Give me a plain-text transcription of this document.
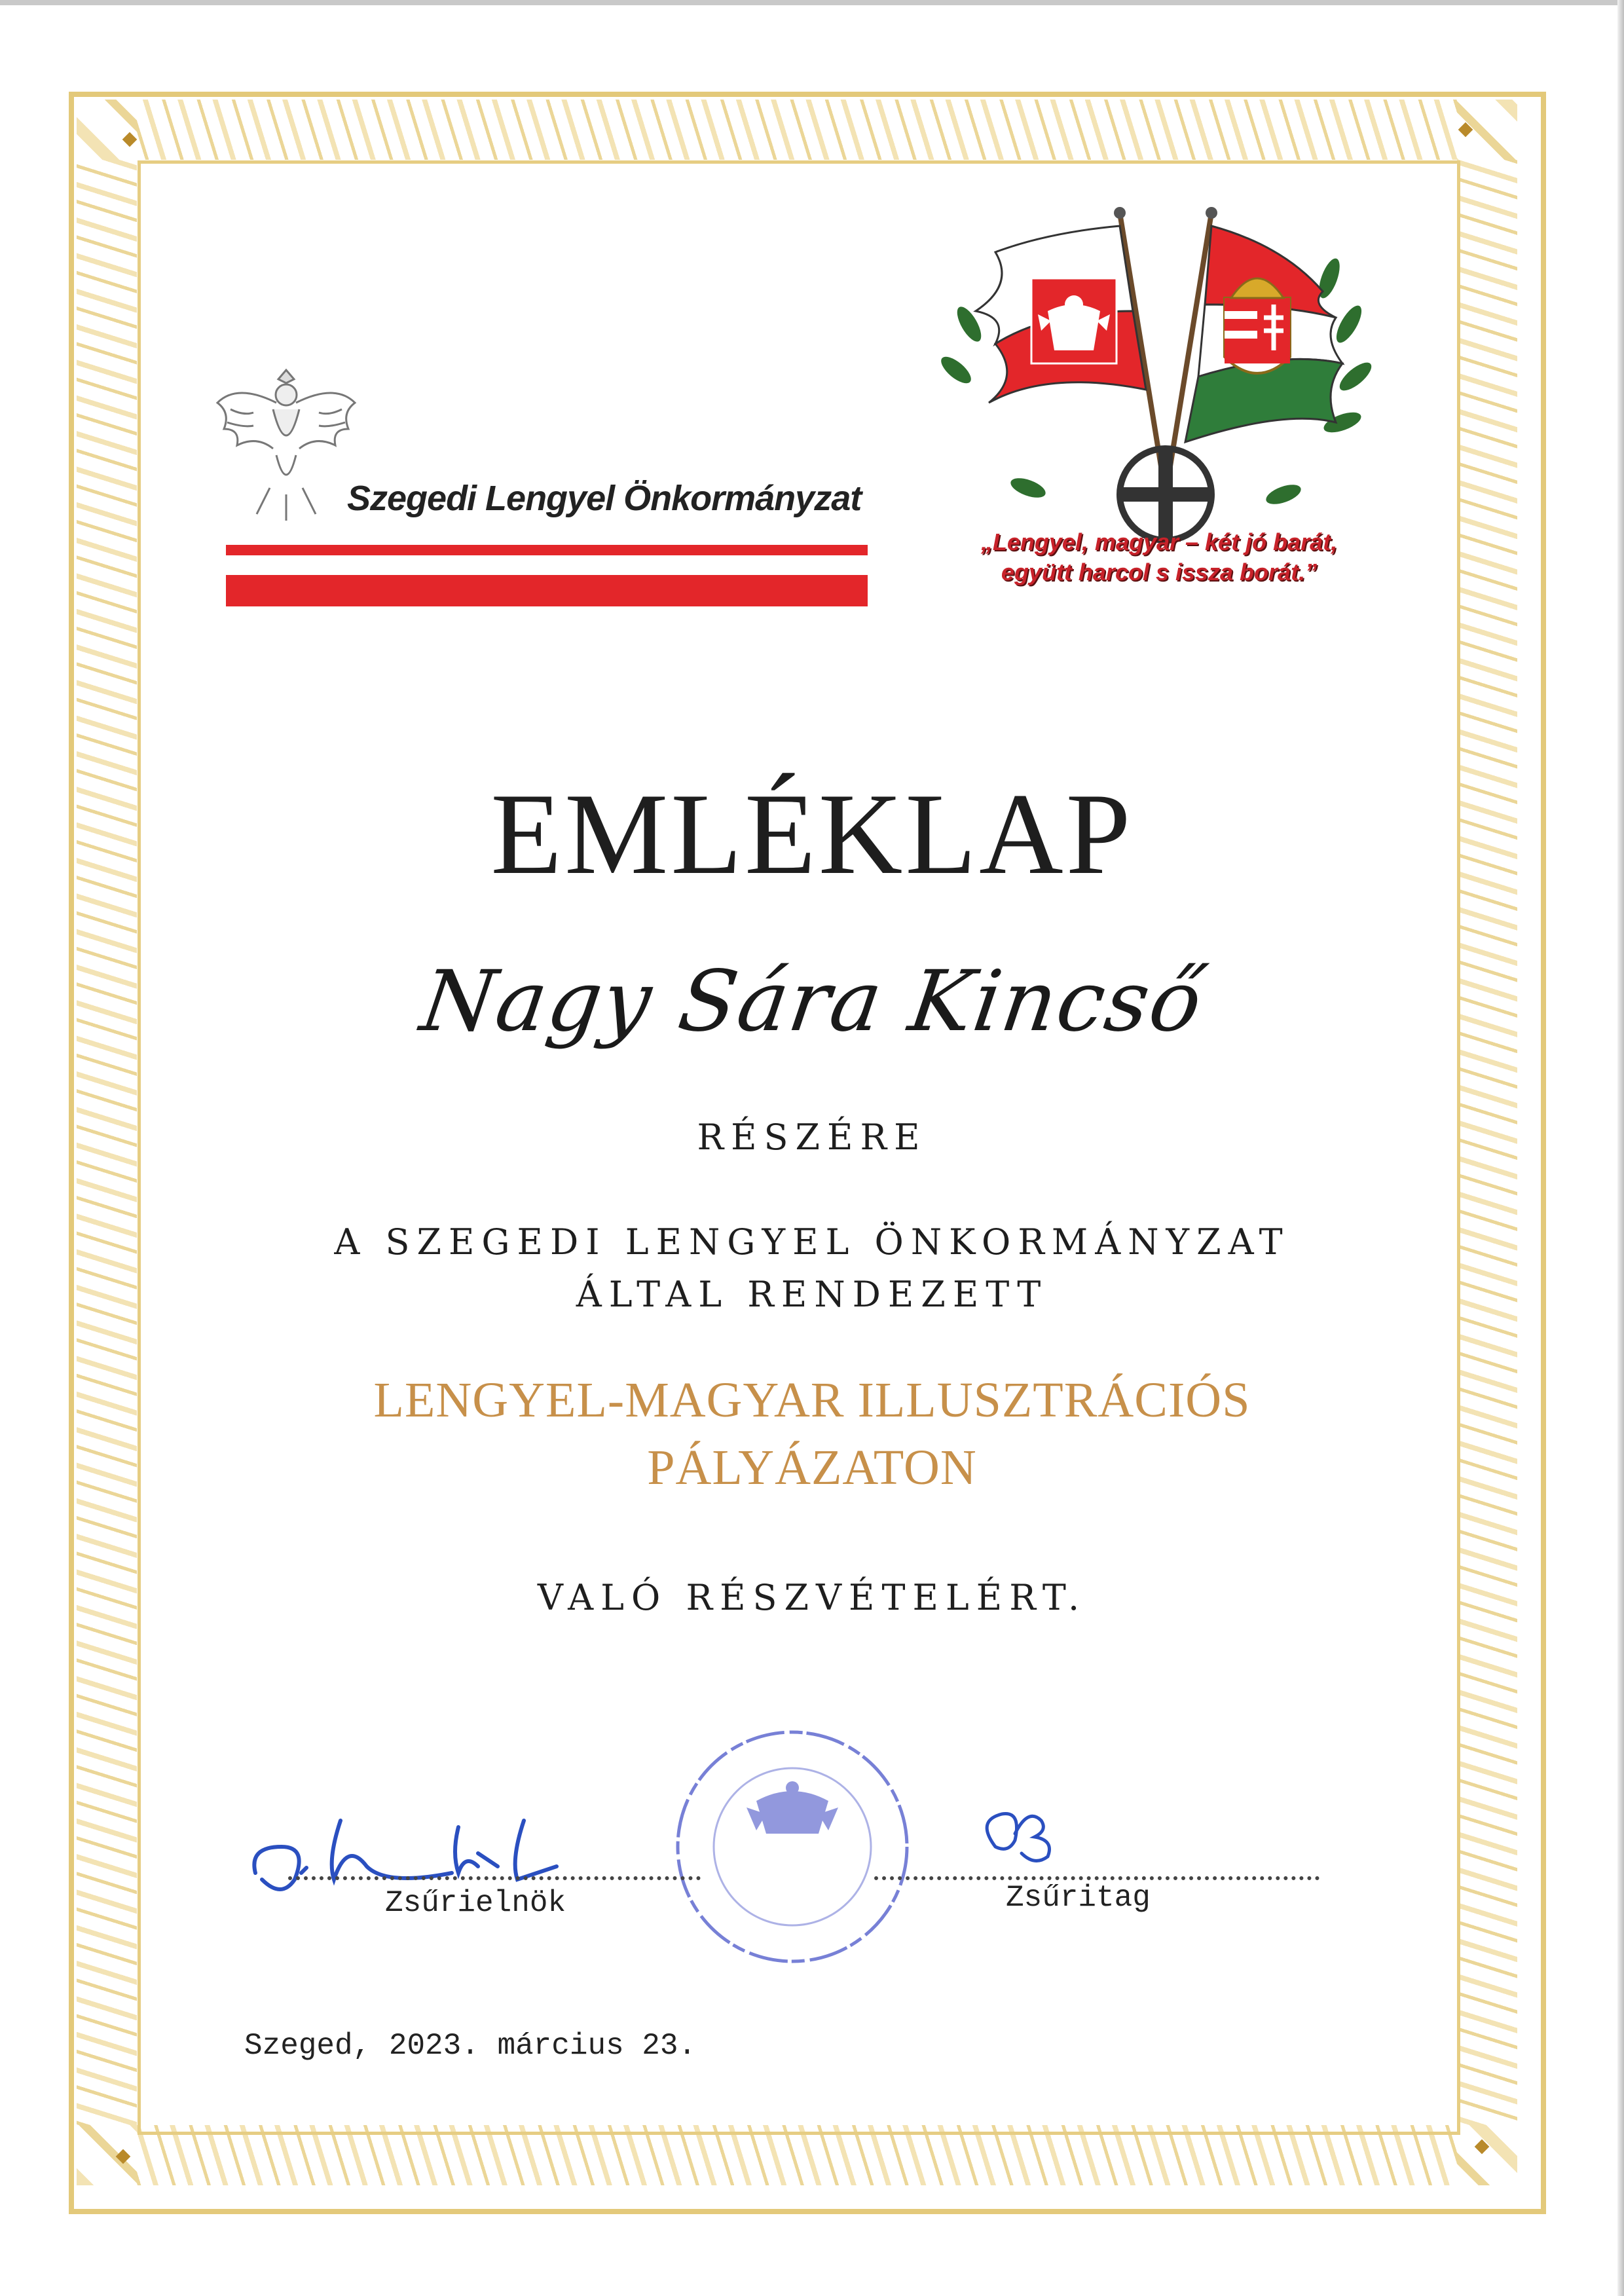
Szegedi Lengyel Önkormányzat
„Lengyel, magyar – két jó barát,
együtt harcol s issza borát.”
EMLÉKLAP
Nagy Sára Kincső
RÉSZÉRE
A SZEGEDI LENGYEL ÖNKORMÁNYZAT
ÁLTAL RENDEZETT
LENGYEL-MAGYAR ILLUSZTRÁCIÓS
PÁLYÁZATON
VALÓ RÉSZVÉTELÉRT.
Zsűrielnök	Zsűritag
Szeged, 2023. március 23.
